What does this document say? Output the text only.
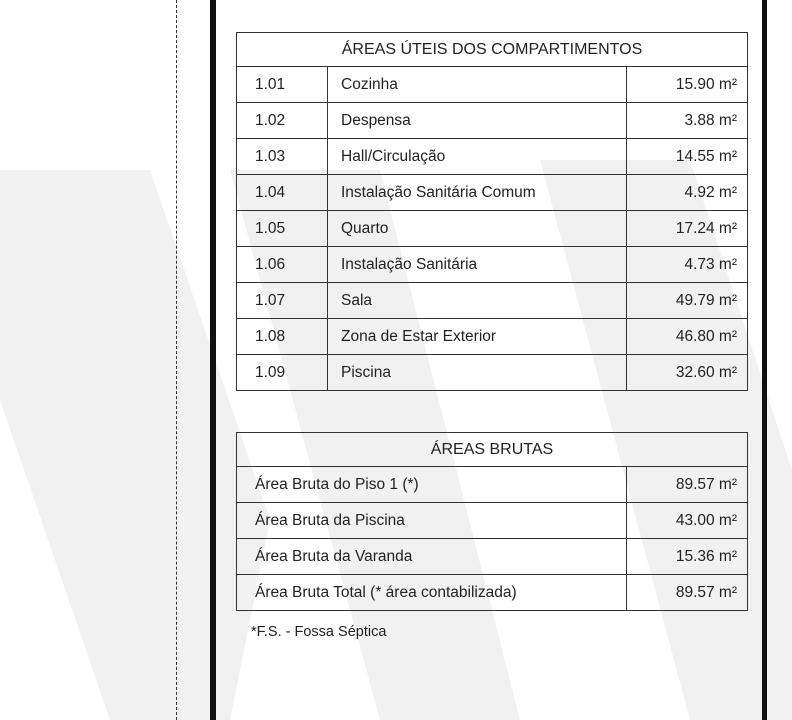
ÁREAS ÚTEIS DOS COMPARTIMENTOS		
1.01	Cozinha	15.90 m²
1.02	Despensa	3.88 m²
1.03	Hall/Circulação	14.55 m²
1.04	Instalação Sanitária Comum	4.92 m²
1.05	Quarto	17.24 m²
1.06	Instalação Sanitária	4.73 m²
1.07	Sala	49.79 m²
1.08	Zona de Estar Exterior	46.80 m²
1.09	Piscina	32.60 m²
ÁREAS BRUTAS	
Área Bruta do Piso 1 (*)	89.57 m²
Área Bruta da Piscina	43.00 m²
Área Bruta da Varanda	15.36 m²
Área Bruta Total (* área contabilizada)	89.57 m²
*F.S. - Fossa Séptica
